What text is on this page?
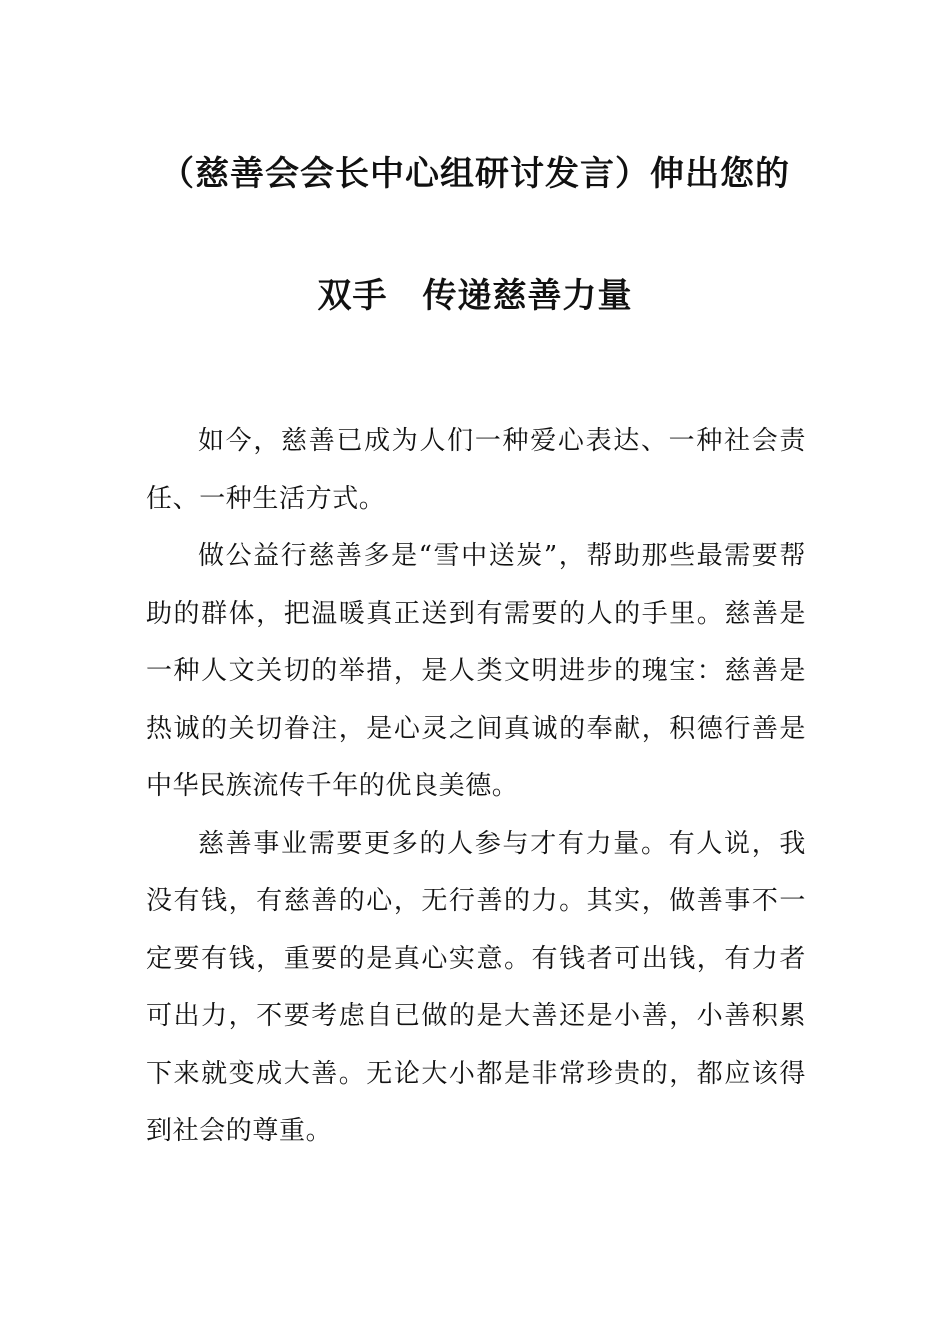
（慈善会会长中心组研讨发言）伸出您的
双手　传递慈善力量

如今，慈善已成为人们一种爱心表达、一种社会责任、一种生活方式。

做公益行慈善多是“雪中送炭”，帮助那些最需要帮助的群体，把温暖真正送到有需要的人的手里。慈善是一种人文关切的举措，是人类文明进步的瑰宝：慈善是热诚的关切眷注，是心灵之间真诚的奉献，积德行善是中华民族流传千年的优良美德。

慈善事业需要更多的人参与才有力量。有人说，我没有钱，有慈善的心，无行善的力。其实，做善事不一定要有钱，重要的是真心实意。有钱者可出钱，有力者可出力，不要考虑自已做的是大善还是小善，小善积累下来就变成大善。无论大小都是非常珍贵的，都应该得到社会的尊重。
